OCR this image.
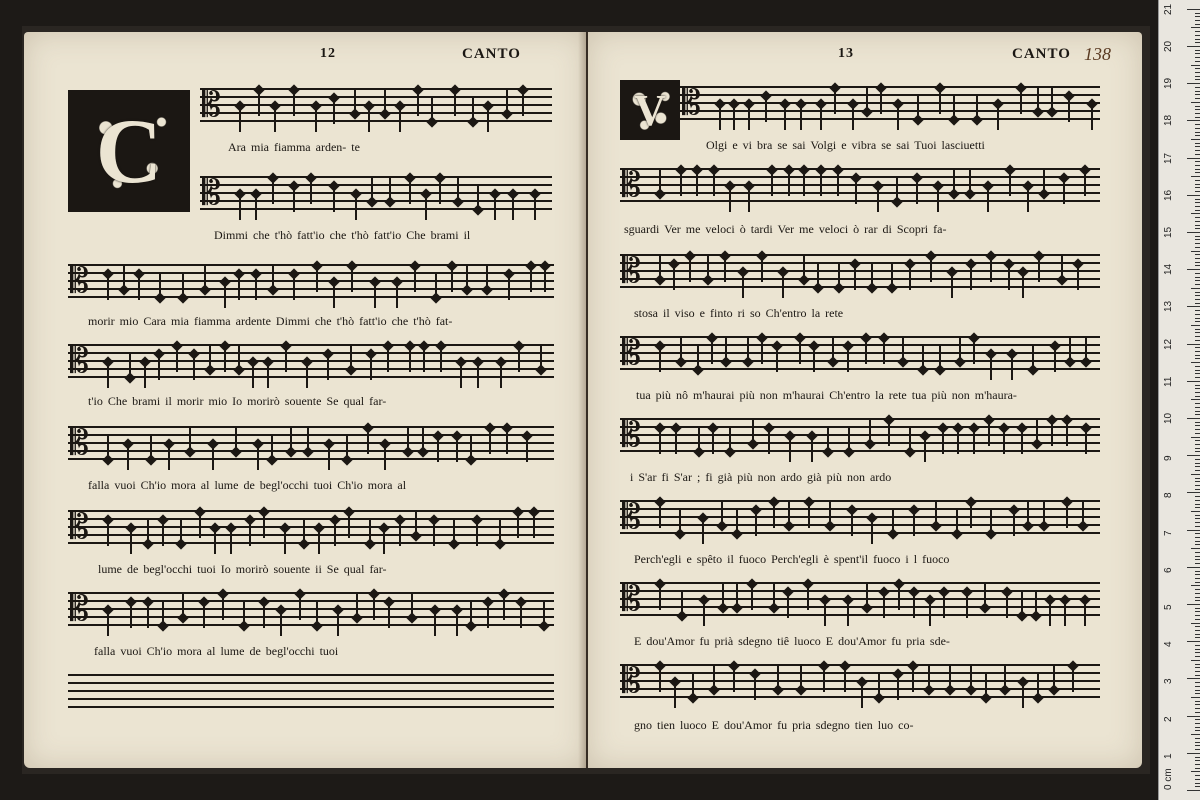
12	CANTO
C	𝄡
Ara mia fiamma arden- te
𝄡
Dimmi che t'hò fatt'io che t'hò fatt'io Che brami il
𝄡
morir mio Cara mia fiamma ardente Dimmi che t'hò fatt'io che t'hò fat-
𝄡
t'io Che brami il morir mio Io morirò souente Se qual far-
𝄡
falla vuoi Ch'io mora al lume de begl'occhi tuoi Ch'io mora al
𝄡
lume de begl'occhi tuoi Io morirò souente ii Se qual far-
𝄡
falla vuoi Ch'io mora al lume de begl'occhi tuoi
13	CANTO 138
V 𝄡
Olgi e vi bra se sai Volgi e vibra se sai Tuoi lasciuetti
𝄡
sguardi Ver me veloci ò tardi Ver me veloci ò rar di Scopri fa-
𝄡
stosa il viso e finto ri so Ch'entro la rete
𝄡
tua più nô m'haurai più non m'haurai Ch'entro la rete tua più non m'haura-
𝄡
i S'ar fi S'ar ; fi già più non ardo già più non ardo
𝄡
Perch'egli e spêto il fuoco Perch'egli è spent'il fuoco i l fuoco
𝄡
E dou'Amor fu prià sdegno tiê luoco E dou'Amor fu pria sde-
𝄡
gno tien luoco E dou'Amor fu pria sdegno tien luo co-
0 cm
1
2
3
4
5
6
7
8
9
10
11
12
13
14
15
16
17
18
19
20
21
